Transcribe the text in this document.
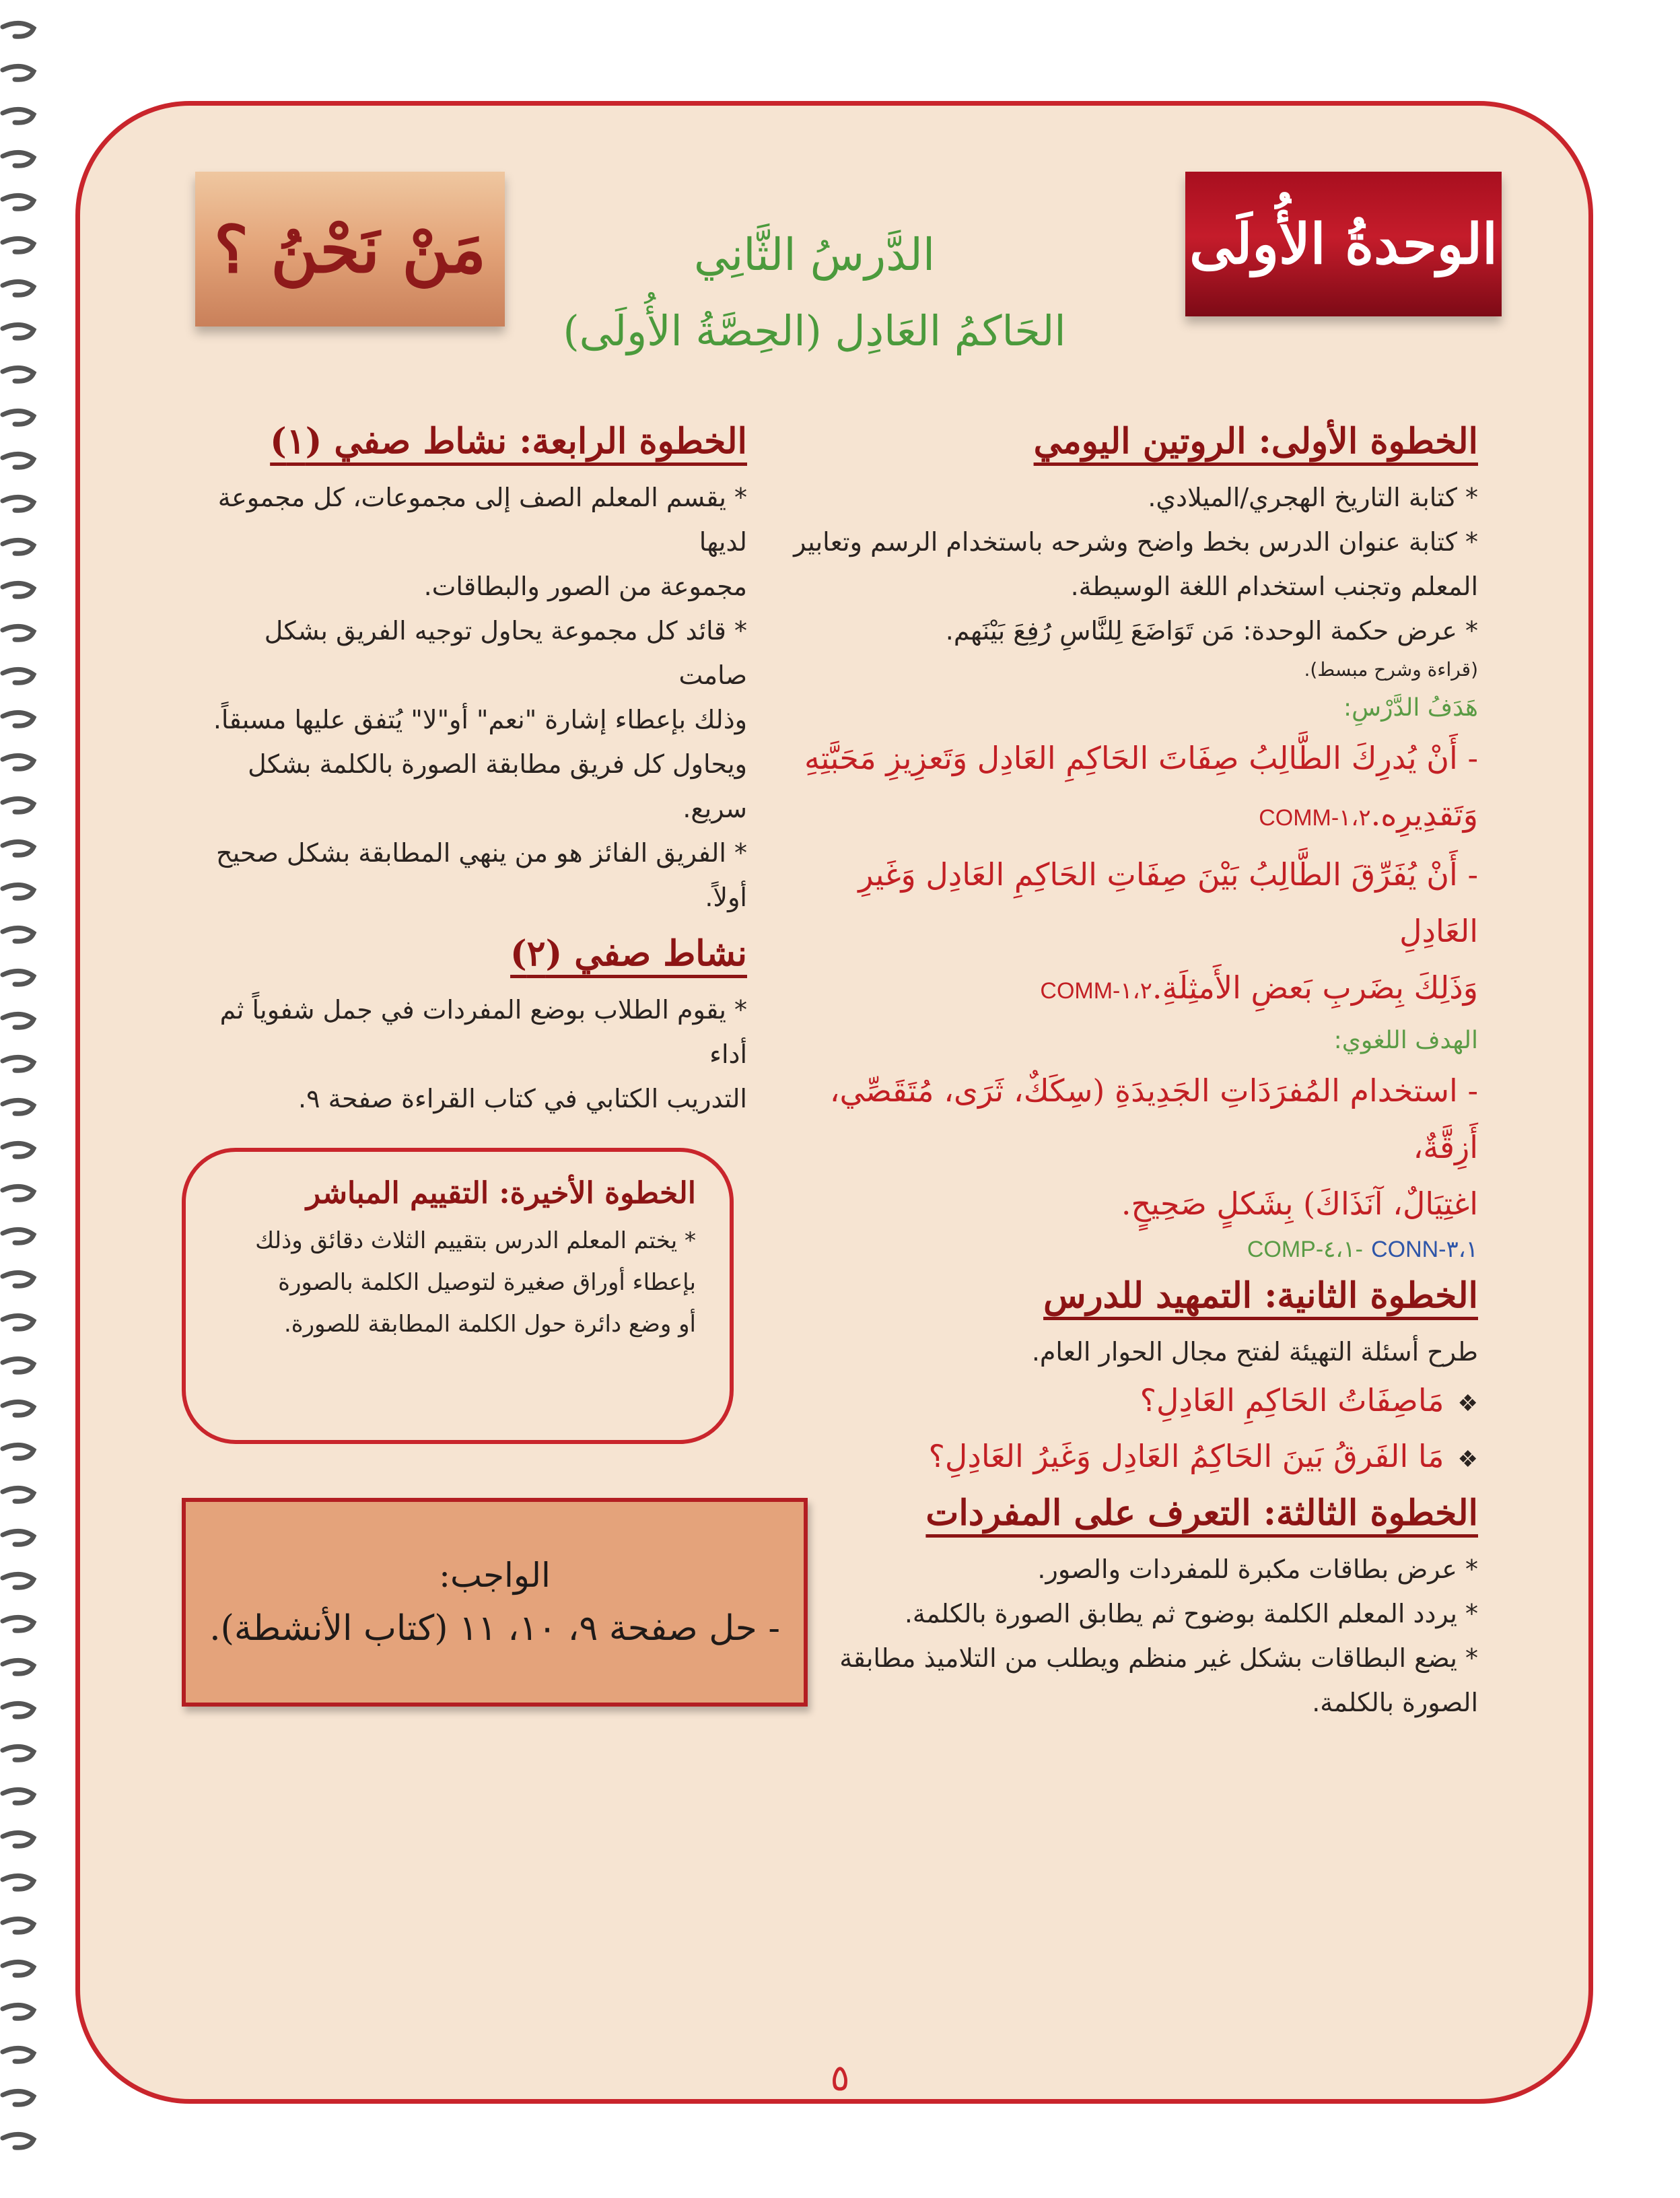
الوحدةُ الأُولَى
مَنْ نَحْنُ ؟	الدَّرسُ الثَّانِي
الحَاكمُ العَادِل (الحِصَّةُ الأُولَى)
الخطوة الأولى: الروتين اليومي

* كتابة التاريخ الهجري/الميلادي.

* كتابة عنوان الدرس بخط واضح وشرحه باستخدام الرسم وتعابير

المعلم وتجنب استخدام اللغة الوسيطة.

* عرض حكمة الوحدة: مَن تَوَاضَعَ لِلنَّاسِ رُفِعَ بَيْنَهم.

(قراءة وشرح مبسط).

هَدَفُ الدَّرْسِ:

- أَنْ يُدرِكَ الطَّالِبُ صِفَاتَ الحَاكِمِ العَادِل وَتَعزِيزِ مَحَبَّتِهِ

وَتَقدِيرِه.COMM-١،٢

- أَنْ يُفَرِّقَ الطَّالِبُ بَيْنَ صِفَاتِ الحَاكِمِ العَادِل وَغَيرِ العَادِلِ

وَذَلِكَ بِضَربِ بَعضِ الأَمثِلَةِ.COMM-١،٢

الهدف اللغوي:

- استخدام المُفرَدَاتِ الجَدِيدَةِ (سِكَكٌ، ثَرَى، مُتَقَصِّي، أَزِقَّةٌ،

اغتِيَالٌ، آنَذَاكَ) بِشَكلٍ صَحِيحٍ.

CONN-٣،١ COMP-٤،١-

الخطوة الثانية: التمهيد للدرس

طرح أسئلة التهيئة لفتح مجال الحوار العام.

❖مَاصِفَاتُ الحَاكِمِ العَادِلِ؟

❖مَا الفَرقُ بَينَ الحَاكِمُ العَادِل وَغَيرُ العَادِلِ؟

الخطوة الثالثة: التعرف على المفردات

* عرض بطاقات مكبرة للمفردات والصور.

* يردد المعلم الكلمة بوضوح ثم يطابق الصورة بالكلمة.

* يضع البطاقات بشكل غير منظم ويطلب من التلاميذ مطابقة

الصورة بالكلمة.

الخطوة الرابعة: نشاط صفي (١)

* يقسم المعلم الصف إلى مجموعات، كل مجموعة لديها

مجموعة من الصور والبطاقات.

* قائد كل مجموعة يحاول توجيه الفريق بشكل صامت

وذلك بإعطاء إشارة "نعم" أو"لا" يُتفق عليها مسبقاً.

ويحاول كل فريق مطابقة الصورة بالكلمة بشكل سريع.

* الفريق الفائز هو من ينهي المطابقة بشكل صحيح

أولاً.

نشاط صفي (٢)

* يقوم الطلاب بوضع المفردات في جمل شفوياً ثم أداء

التدريب الكتابي في كتاب القراءة صفحة ٩.

الخطوة الأخيرة: التقييم المباشر

* يختم المعلم الدرس بتقييم الثلاث دقائق وذلك

بإعطاء أوراق صغيرة لتوصيل الكلمة بالصورة

أو وضع دائرة حول الكلمة المطابقة للصورة.

الواجب:

- حل صفحة ٩، ١٠، ١١ (كتاب الأنشطة).

٥
